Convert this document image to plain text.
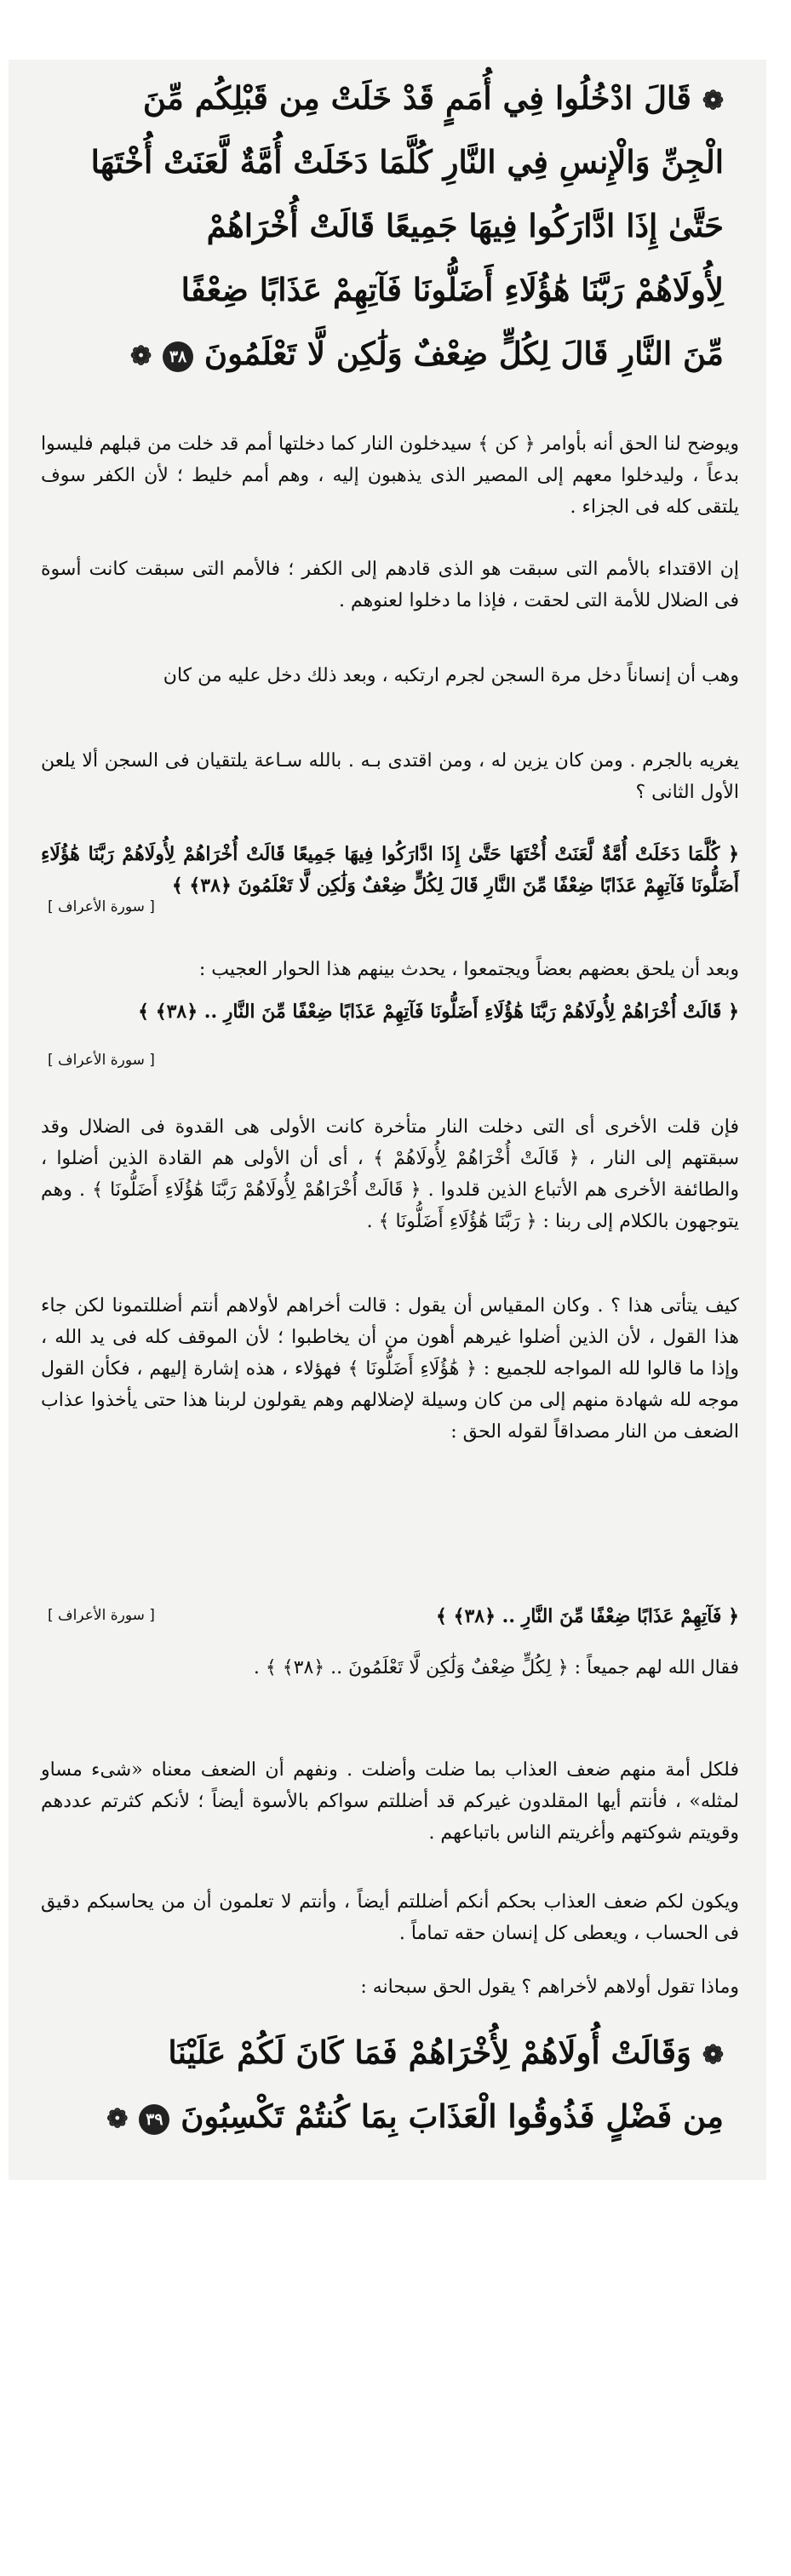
❁ قَالَ ادْخُلُوا فِي أُمَمٍ قَدْ خَلَتْ مِن قَبْلِكُم مِّنَ
الْجِنِّ وَالْإِنسِ فِي النَّارِ كُلَّمَا دَخَلَتْ أُمَّةٌ لَّعَنَتْ أُخْتَهَا
حَتَّىٰ إِذَا ادَّارَكُوا فِيهَا جَمِيعًا قَالَتْ أُخْرَاهُمْ
لِأُولَاهُمْ رَبَّنَا هَٰؤُلَاءِ أَضَلُّونَا فَآتِهِمْ عَذَابًا ضِعْفًا
مِّنَ النَّارِ قَالَ لِكُلٍّ ضِعْفٌ وَلَٰكِن لَّا تَعْلَمُونَ ٣٨ ❁

ويوضح لنا الحق أنه بأوامر ﴿ كن ﴾ سيدخلون النار كما دخلتها أمم قد خلت من قبلهم فليسوا بدعاً ، وليدخلوا معهم إلى المصير الذى يذهبون إليه ، وهم أمم خليط ؛ لأن الكفر سوف يلتقى كله فى الجزاء .

إن الاقتداء بالأمم التى سبقت هو الذى قادهم إلى الكفر ؛ فالأمم التى سبقت كانت أسوة فى الضلال للأمة التى لحقت ، فإذا ما دخلوا لعنوهم .

وهب أن إنساناً دخل مرة السجن لجرم ارتكبه ، وبعد ذلك دخل عليه من كان

يغريه بالجرم . ومن كان يزين له ، ومن اقتدى بـه . بالله سـاعة يلتقيان فى السجن ألا يلعن الأول الثانى ؟

﴿ كُلَّمَا دَخَلَتْ أُمَّةٌ لَّعَنَتْ أُخْتَهَا حَتَّىٰ إِذَا ادَّارَكُوا فِيهَا جَمِيعًا قَالَتْ أُخْرَاهُمْ لِأُولَاهُمْ رَبَّنَا هَٰؤُلَاءِ أَضَلُّونَا فَآتِهِمْ عَذَابًا ضِعْفًا مِّنَ النَّارِ قَالَ لِكُلٍّ ضِعْفٌ وَلَٰكِن لَّا تَعْلَمُونَ ﴿٣٨﴾ ﴾

[ سورة الأعراف ]

وبعد أن يلحق بعضهم بعضاً ويجتمعوا ، يحدث بينهم هذا الحوار العجيب :

﴿ قَالَتْ أُخْرَاهُمْ لِأُولَاهُمْ رَبَّنَا هَٰؤُلَاءِ أَضَلُّونَا فَآتِهِمْ عَذَابًا ضِعْفًا مِّنَ النَّارِ .. ﴿٣٨﴾ ﴾

[ سورة الأعراف ]

فإن قلت الأخرى أى التى دخلت النار متأخرة كانت الأولى هى القدوة فى الضلال وقد سبقتهم إلى النار ، ﴿ قَالَتْ أُخْرَاهُمْ لِأُولَاهُمْ ﴾ ، أى أن الأولى هم القادة الذين أضلوا ، والطائفة الأخرى هم الأتباع الذين قلدوا . ﴿ قَالَتْ أُخْرَاهُمْ لِأُولَاهُمْ رَبَّنَا هَٰؤُلَاءِ أَضَلُّونَا ﴾ . وهم يتوجهون بالكلام إلى ربنا : ﴿ رَبَّنَا هَٰؤُلَاءِ أَضَلُّونَا ﴾ .

كيف يتأتى هذا ؟ . وكان المقياس أن يقول : قالت أخراهم لأولاهم أنتم أضللتمونا لكن جاء هذا القول ، لأن الذين أضلوا غيرهم أهون من أن يخاطبوا ؛ لأن الموقف كله فى يد الله ، وإذا ما قالوا لله المواجه للجميع : ﴿ هَٰؤُلَاءِ أَضَلُّونَا ﴾ فهؤلاء ، هذه إشارة إليهم ، فكأن القول موجه لله شهادة منهم إلى من كان وسيلة لإضلالهم وهم يقولون لربنا هذا حتى يأخذوا عذاب الضعف من النار مصداقاً لقوله الحق :

﴿ فَآتِهِمْ عَذَابًا ضِعْفًا مِّنَ النَّارِ .. ﴿٣٨﴾ ﴾

[ سورة الأعراف ]

فقال الله لهم جميعاً : ﴿ لِكُلٍّ ضِعْفٌ وَلَٰكِن لَّا تَعْلَمُونَ .. ﴿٣٨﴾ ﴾ .

فلكل أمة منهم ضعف العذاب بما ضلت وأضلت . ونفهم أن الضعف معناه «شىء مساو لمثله» ، فأنتم أيها المقلدون غيركم قد أضللتم سواكم بالأسوة أيضاً ؛ لأنكم كثرتم عددهم وقويتم شوكتهم وأغريتم الناس باتباعهم .

ويكون لكم ضعف العذاب بحكم أنكم أضللتم أيضاً ، وأنتم لا تعلمون أن من يحاسبكم دقيق فى الحساب ، ويعطى كل إنسان حقه تماماً .

وماذا تقول أولاهم لأخراهم ؟ يقول الحق سبحانه :

❁ وَقَالَتْ أُولَاهُمْ لِأُخْرَاهُمْ فَمَا كَانَ لَكُمْ عَلَيْنَا
مِن فَضْلٍ فَذُوقُوا الْعَذَابَ بِمَا كُنتُمْ تَكْسِبُونَ ٣٩ ❁
